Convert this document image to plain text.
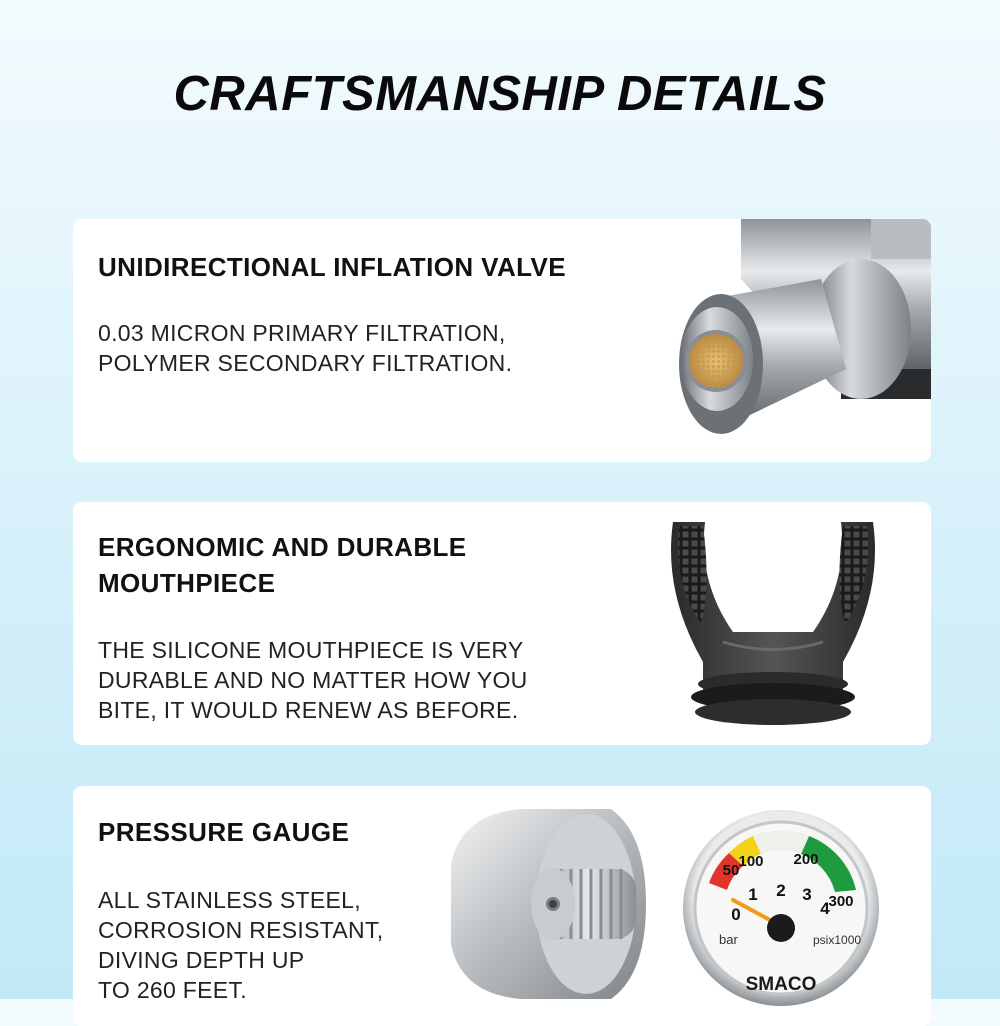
CRAFTSMANSHIP DETAILS
UNIDIRECTIONAL INFLATION VALVE

0.03 MICRON PRIMARY FILTRATION,
POLYMER SECONDARY FILTRATION.

ERGONOMIC AND DURABLE
MOUTHPIECE

THE SILICONE MOUTHPIECE IS VERY
DURABLE AND NO MATTER HOW YOU
BITE, IT WOULD RENEW AS BEFORE.

PRESSURE GAUGE

ALL STAINLESS STEEL,
CORROSION RESISTANT,
DIVING DEPTH UP
TO 260 FEET.

50
100 200
300
0
1 2 3
4
bar	psix1000
SMACO
